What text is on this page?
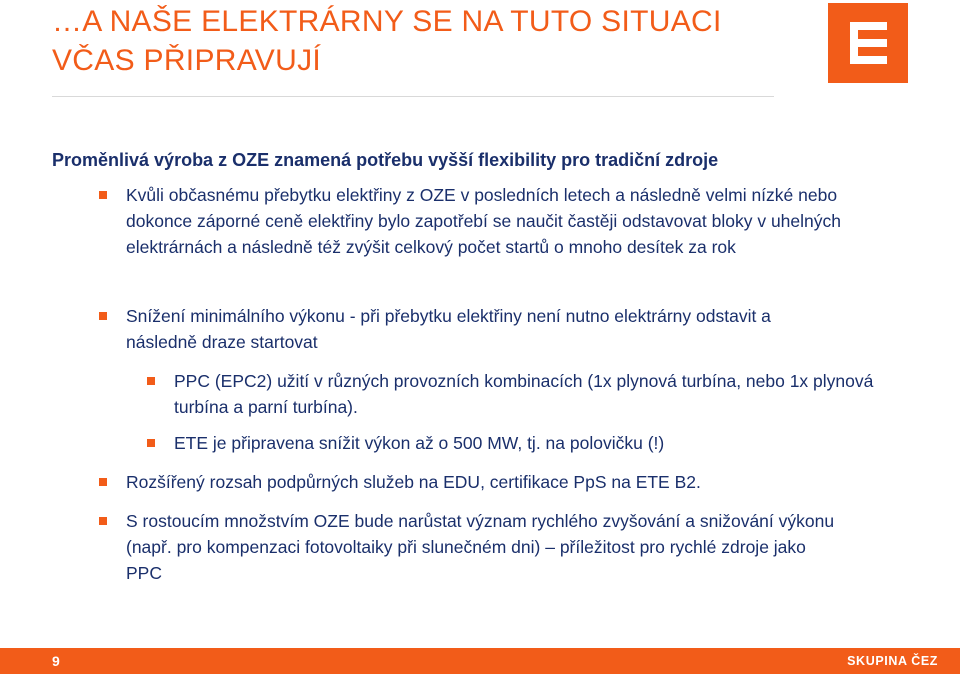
…A NAŠE ELEKTRÁRNY SE NA TUTO SITUACI
VČAS PŘIPRAVUJÍ
Proměnlivá výroba z OZE znamená potřebu vyšší flexibility pro tradiční zdroje
Kvůli občasnému přebytku elektřiny z OZE v posledních letech a následně velmi nízké nebo dokonce záporné ceně elektřiny bylo zapotřebí se naučit častěji odstavovat bloky v uhelných elektrárnách a následně též zvýšit celkový počet startů o mnoho desítek za rok
Snížení minimálního výkonu - při přebytku elektřiny není nutno elektrárny odstavit a následně draze startovat
PPC (EPC2) užití v různých provozních kombinacích (1x plynová turbína, nebo 1x plynová turbína a parní turbína).
ETE je připravena snížit výkon až o 500 MW, tj. na polovičku (!)
Rozšířený rozsah podpůrných služeb na EDU, certifikace PpS na ETE B2.
S rostoucím množstvím OZE bude narůstat význam rychlého zvyšování a snižování výkonu (např. pro kompenzaci fotovoltaiky při slunečném dni) – příležitost pro rychlé zdroje jako PPC
9	SKUPINA ČEZ
